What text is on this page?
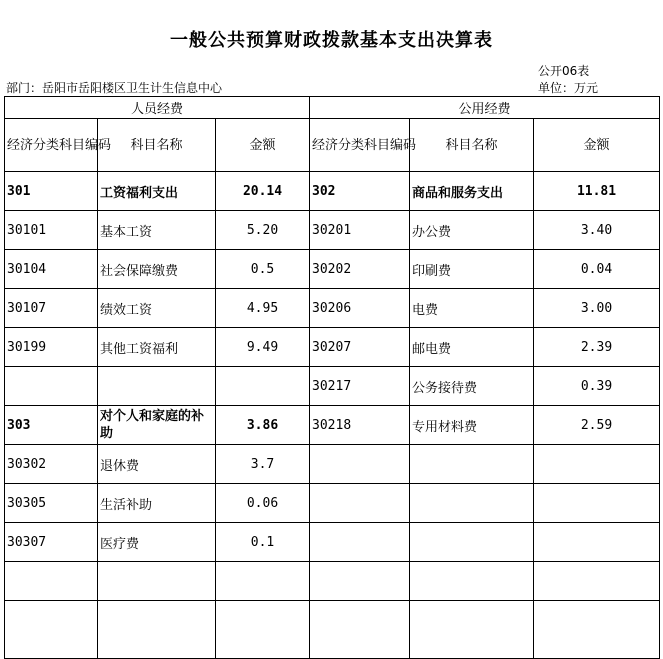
一般公共预算财政拨款基本支出决算表
公开06表
部门：岳阳市岳阳楼区卫生计生信息中心	单位：万元
人员经费			公用经费		
经济分类科目编码	科目名称	金额	经济分类科目编码	科目名称	金额
301	工资福利支出	20.14	302	商品和服务支出	11.81
30101	基本工资	5.20	30201	办公费	3.40
30104	社会保障缴费	0.5	30202	印刷费	0.04
30107	绩效工资	4.95	30206	电费	3.00
30199	其他工资福利	9.49	30207	邮电费	2.39
			30217	公务接待费	0.39
303	对个人和家庭的补助	3.86	30218	专用材料费	2.59
30302	退休费	3.7			
30305	生活补助	0.06			
30307	医疗费	0.1			
